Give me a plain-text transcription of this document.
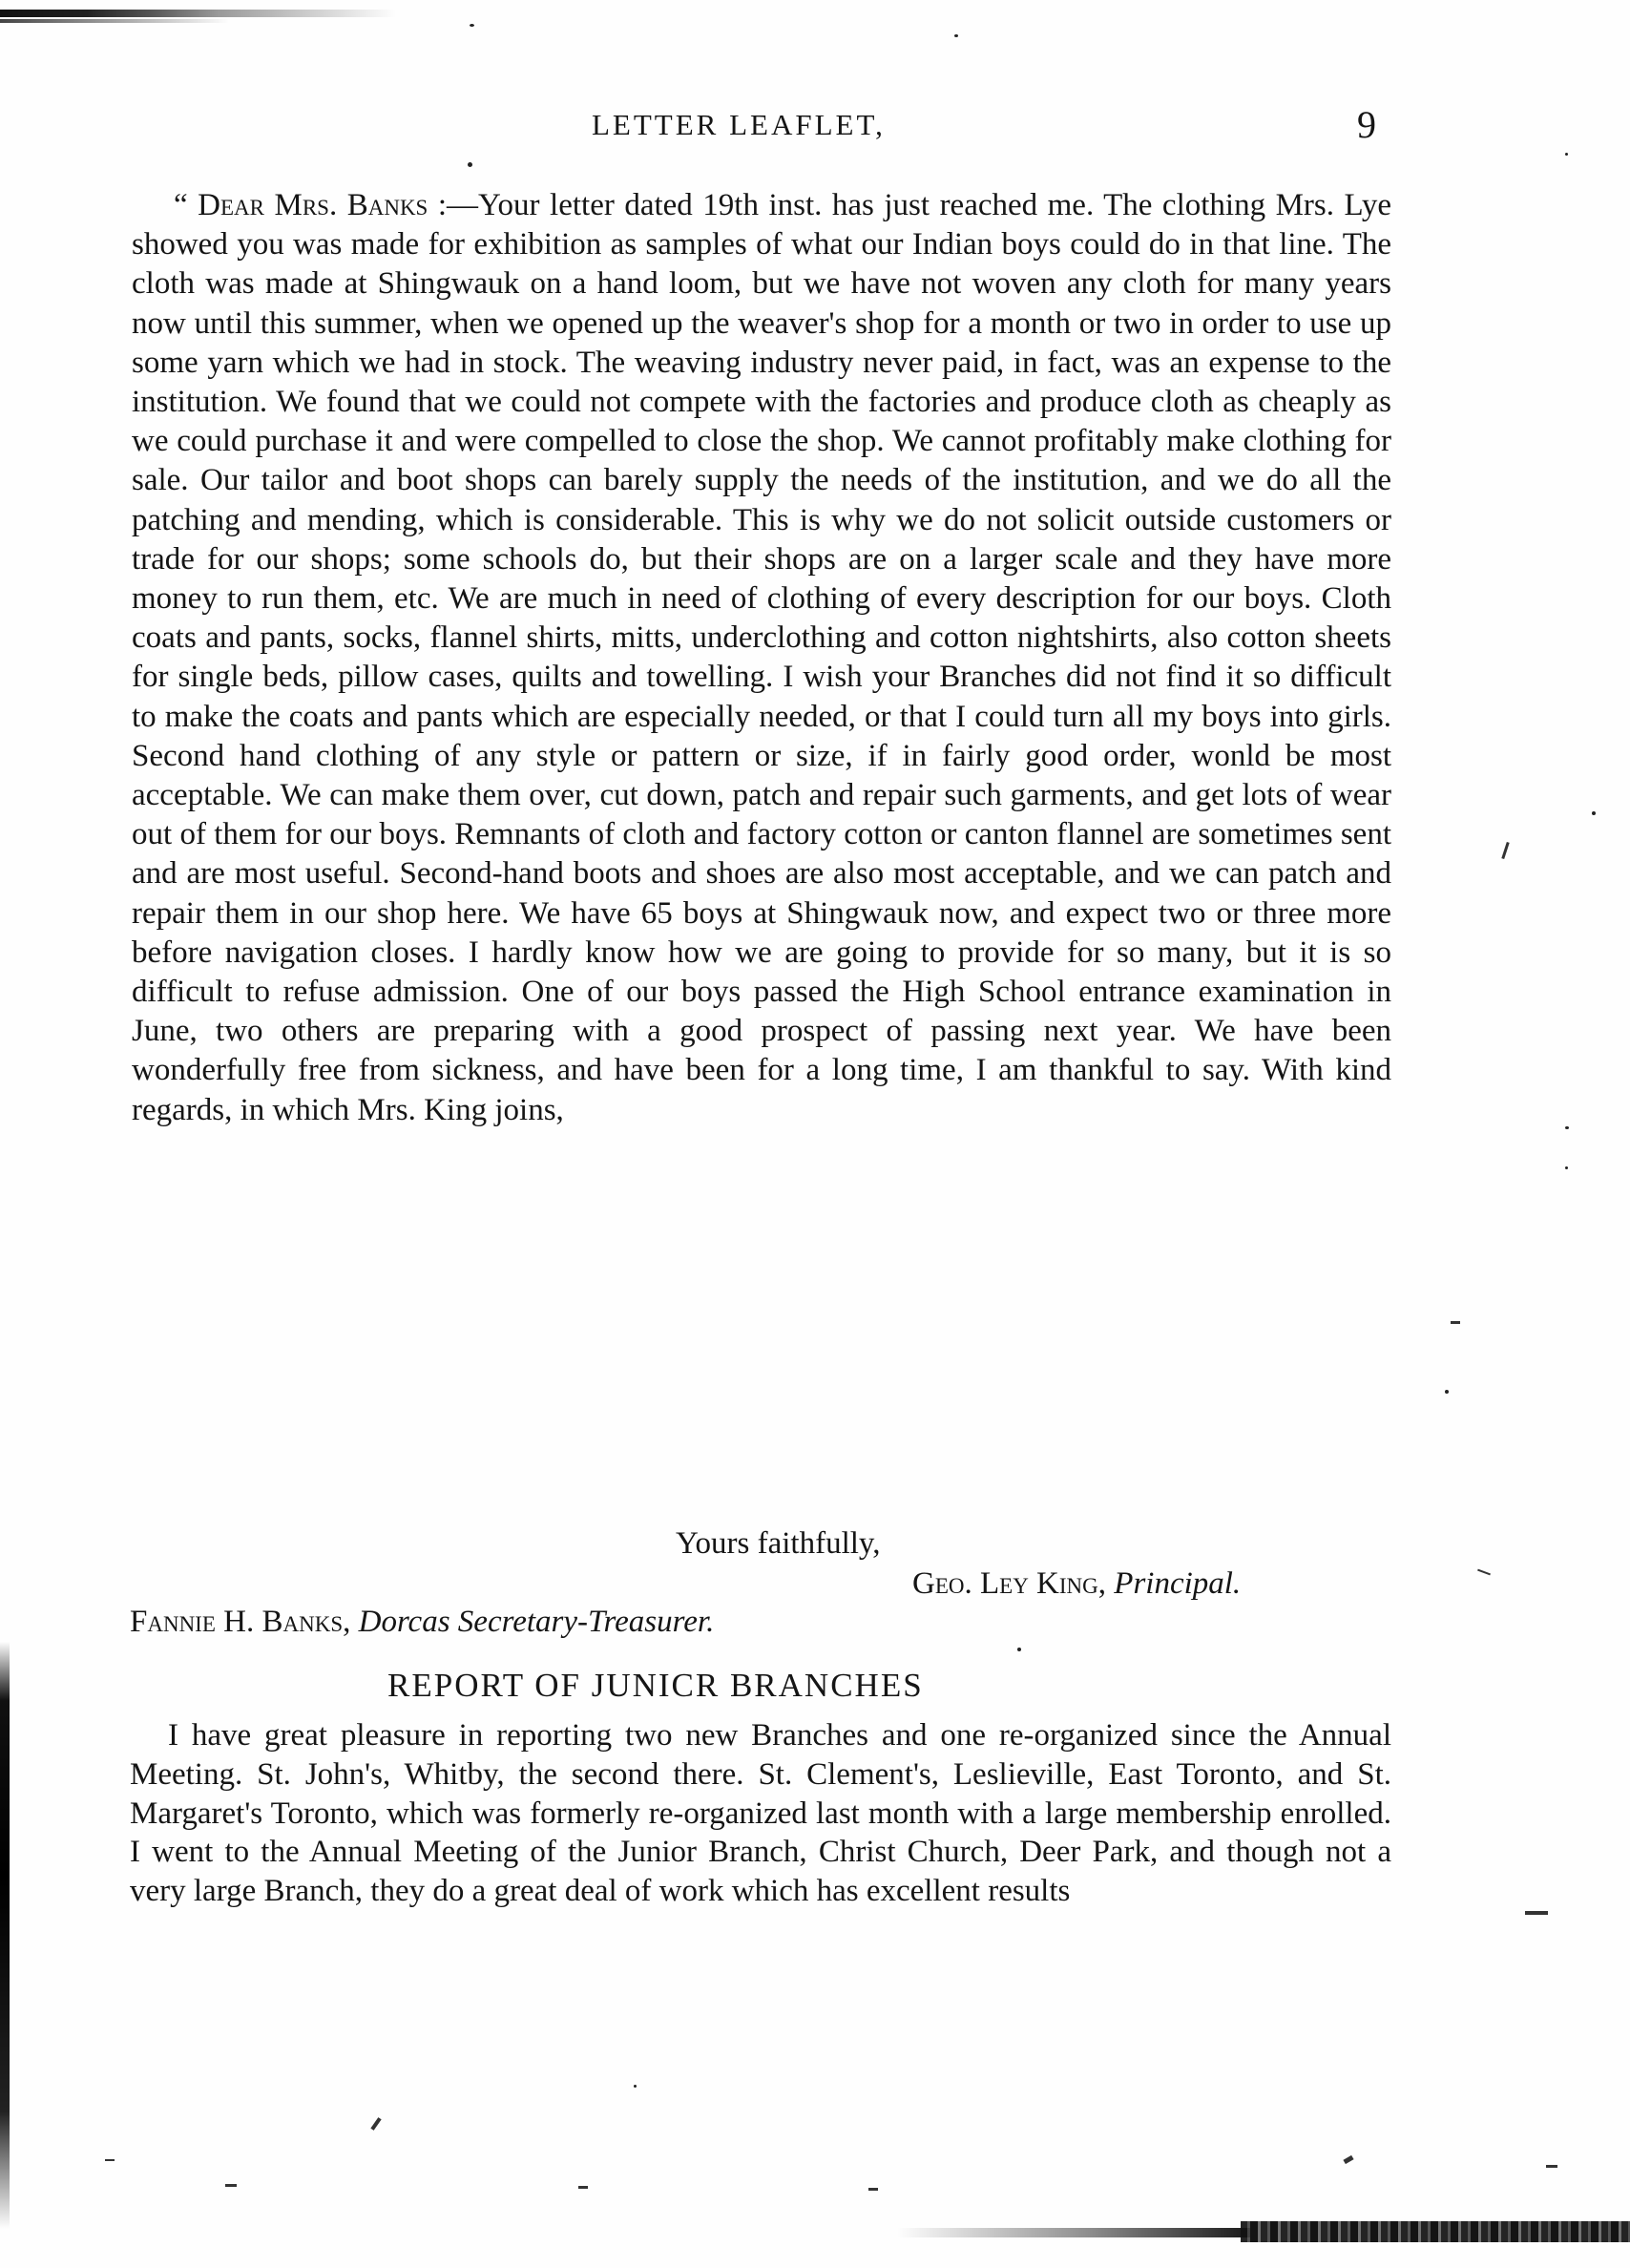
LETTER LEAFLET,	9

“ Dear Mrs. Banks :—Your letter dated 19th inst. has just reached me. The clothing Mrs. Lye showed you was made for exhibition as samples of what our Indian boys could do in that line. The cloth was made at Shingwauk on a hand loom, but we have not woven any cloth for many years now until this summer, when we opened up the weaver's shop for a month or two in order to use up some yarn which we had in stock. The weaving industry never paid, in fact, was an expense to the institution. We found that we could not compete with the factories and produce cloth as cheaply as we could purchase it and were compelled to close the shop. We cannot profitably make clothing for sale. Our tailor and boot shops can barely supply the needs of the institution, and we do all the patching and mending, which is considerable. This is why we do not solicit outside customers or trade for our shops; some schools do, but their shops are on a larger scale and they have more money to run them, etc. We are much in need of clothing of every description for our boys. Cloth coats and pants, socks, flannel shirts, mitts, underclothing and cotton nightshirts, also cotton sheets for single beds, pillow cases, quilts and towelling. I wish your Branches did not find it so difficult to make the coats and pants which are especially needed, or that I could turn all my boys into girls. Second hand clothing of any style or pattern or size, if in fairly good order, wonld be most acceptable. We can make them over, cut down, patch and repair such garments, and get lots of wear out of them for our boys. Remnants of cloth and factory cotton or canton flannel are sometimes sent and are most useful. Second-hand boots and shoes are also most acceptable, and we can patch and repair them in our shop here. We have 65 boys at Shingwauk now, and expect two or three more before navigation closes. I hardly know how we are going to provide for so many, but it is so difficult to refuse admission. One of our boys passed the High School entrance examination in June, two others are preparing with a good prospect of passing next year. We have been wonderfully free from sickness, and have been for a long time, I am thankful to say. With kind regards, in which Mrs. King joins,

Yours faithfully,
Geo. Ley King, Principal.
Fannie H. Banks, Dorcas Secretary-Treasurer.
REPORT OF JUNICR BRANCHES

I have great pleasure in reporting two new Branches and one re-organized since the Annual Meeting. St. John's, Whitby, the second there. St. Clement's, Leslieville, East Toronto, and St. Margaret's Toronto, which was formerly re-organized last month with a large membership enrolled. I went to the Annual Meeting of the Junior Branch, Christ Church, Deer Park, and though not a very large Branch, they do a great deal of work which has excellent results
